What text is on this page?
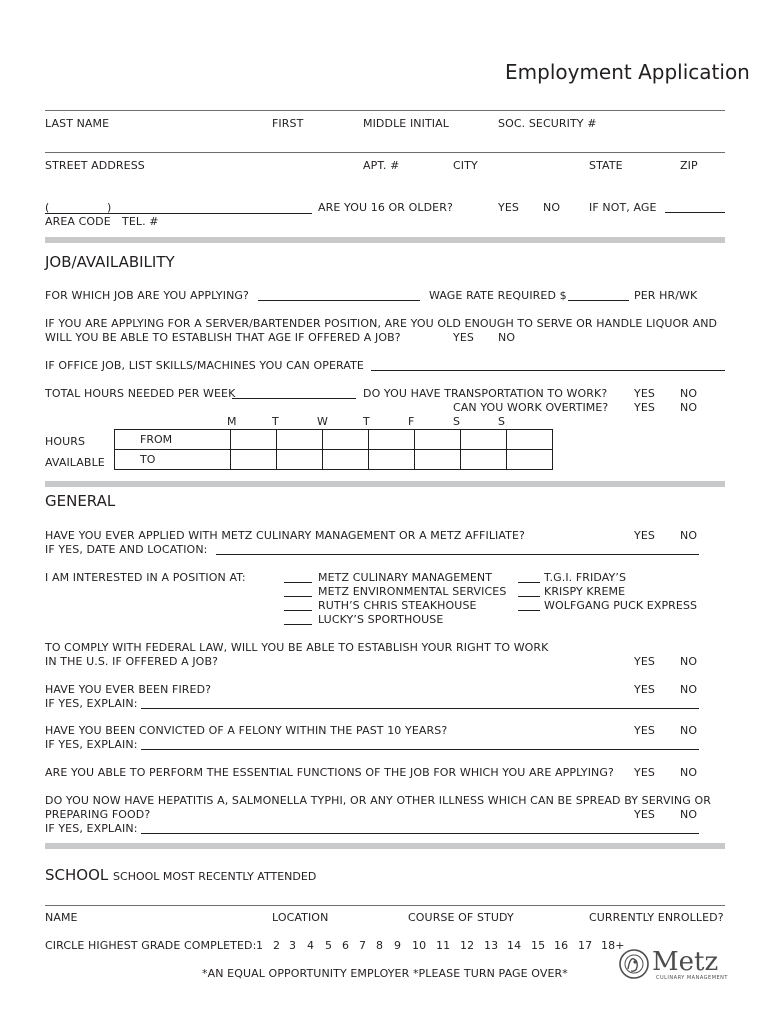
Employment Application
LAST NAME	FIRST	MIDDLE INITIAL	SOC. SECURITY #
STREET ADDRESS	APT. #	CITY	STATE	ZIP
(	)	ARE YOU 16 OR OLDER?	YES NO	IF NOT, AGE
AREA CODE TEL. #
JOB/AVAILABILITY
FOR WHICH JOB ARE YOU APPLYING?	WAGE RATE REQUIRED $	PER HR/WK
IF YOU ARE APPLYING FOR A SERVER/BARTENDER POSITION, ARE YOU OLD ENOUGH TO SERVE OR HANDLE LIQUOR AND
WILL YOU BE ABLE TO ESTABLISH THAT AGE IF OFFERED A JOB?	YES NO
IF OFFICE JOB, LIST SKILLS/MACHINES YOU CAN OPERATE
TOTAL HOURS NEEDED PER WEEK	DO YOU HAVE TRANSPORTATION TO WORK? YES NO
CAN YOU WORK OVERTIME? YES NO
M	T	W	T	F	S	S
HOURS
AVAILABLE
FROM							
TO							
GENERAL
HAVE YOU EVER APPLIED WITH METZ CULINARY MANAGEMENT OR A METZ AFFILIATE?	YES NO
IF YES, DATE AND LOCATION:
I AM INTERESTED IN A POSITION AT:	METZ CULINARY MANAGEMENT
METZ ENVIRONMENTAL SERVICES
RUTH’S CHRIS STEAKHOUSE
LUCKY’S SPORTHOUSE
T.G.I. FRIDAY’S
KRISPY KREME
WOLFGANG PUCK EXPRESS
TO COMPLY WITH FEDERAL LAW, WILL YOU BE ABLE TO ESTABLISH YOUR RIGHT TO WORK
IN THE U.S. IF OFFERED A JOB?	YES NO
HAVE YOU EVER BEEN FIRED?	YES NO
IF YES, EXPLAIN:
HAVE YOU BEEN CONVICTED OF A FELONY WITHIN THE PAST 10 YEARS?	YES NO
IF YES, EXPLAIN:
ARE YOU ABLE TO PERFORM THE ESSENTIAL FUNCTIONS OF THE JOB FOR WHICH YOU ARE APPLYING? YES NO
DO YOU NOW HAVE HEPATITIS A, SALMONELLA TYPHI, OR ANY OTHER ILLNESS WHICH CAN BE SPREAD BY SERVING OR
PREPARING FOOD?	YES NO
IF YES, EXPLAIN:
SCHOOL SCHOOL MOST RECENTLY ATTENDED
NAME	LOCATION	COURSE OF STUDY	CURRENTLY ENROLLED?
CIRCLE HIGHEST GRADE COMPLETED: 1 2 3 4 5 6 7 8 9 10 11 12 13 14 15 16 17 18+
*AN EQUAL OPPORTUNITY EMPLOYER *PLEASE TURN PAGE OVER*	Metz
CULINARY MANAGEMENT
